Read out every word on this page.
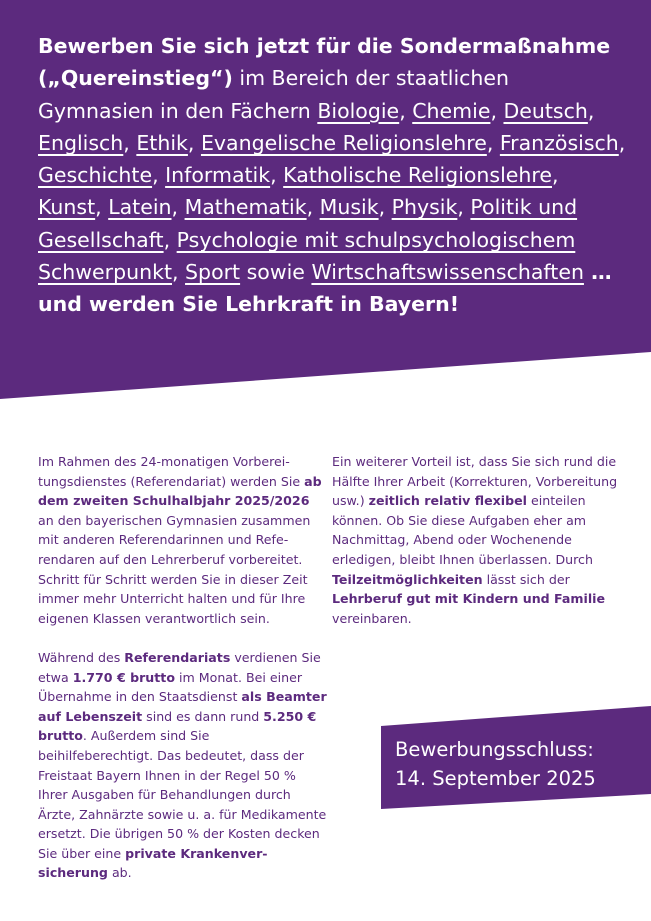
Bewerben Sie sich jetzt für die Sondermaßnahme („Quereinstieg“) im Bereich der staatlichen Gymnasien in den Fächern Biologie, Chemie, Deutsch, Englisch, Ethik, Evangelische Religionslehre, Französisch, Geschichte, Informatik, Katholische Religionslehre, Kunst, Latein, Mathematik, Musik, Physik, Politik und Gesellschaft, Psychologie mit schulpsychologischem Schwerpunkt, Sport sowie Wirtschaftswissenschaften … und werden Sie Lehrkraft in Bayern!

Im Rahmen des 24-monatigen Vorbereitungsdienstes (Referendariat) werden Sie ab dem zweiten Schulhalbjahr 2025/2026 an den bayerischen Gymnasien zusammen mit anderen Referendarinnen und Referendaren auf den Lehrerberuf vorbereitet. Schritt für Schritt werden Sie in dieser Zeit immer mehr Unterricht halten und für Ihre eigenen Klassen verantwortlich sein.

Während des Referendariats verdienen Sie etwa 1.770 € brutto im Monat. Bei einer Übernahme in den Staatsdienst als Beamter auf Lebenszeit sind es dann rund 5.250 € brutto. Außerdem sind Sie beihilfeberechtigt. Das bedeutet, dass der Freistaat Bayern Ihnen in der Regel 50 % Ihrer Ausgaben für Behandlungen durch Ärzte, Zahnärzte sowie u. a. für Medikamente ersetzt. Die übrigen 50 % der Kosten decken Sie über eine private Krankenversicherung ab.

Ein weiterer Vorteil ist, dass Sie sich rund die Hälfte Ihrer Arbeit (Korrekturen, Vorbereitung usw.) zeitlich relativ flexibel einteilen können. Ob Sie diese Aufgaben eher am Nachmittag, Abend oder Wochenende erledigen, bleibt Ihnen überlassen. Durch Teilzeitmöglichkeiten lässt sich der Lehrberuf gut mit Kindern und Familie vereinbaren.

Bewerbungsschluss:
14. September 2025
